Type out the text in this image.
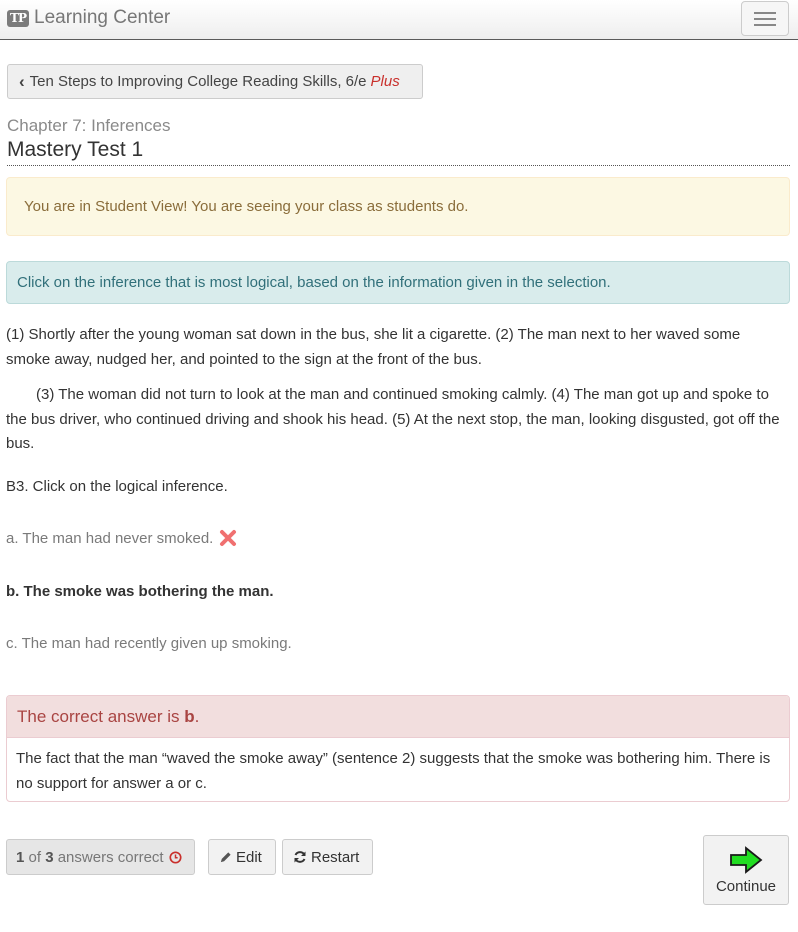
TP Learning Center
‹ Ten Steps to Improving College Reading Skills, 6/e Plus
Chapter 7: Inferences
Mastery Test 1
You are in Student View! You are seeing your class as students do.
Click on the inference that is most logical, based on the information given in the selection.

(1) Shortly after the young woman sat down in the bus, she lit a cigarette. (2) The man next to her waved some smoke away, nudged her, and pointed to the sign at the front of the bus.

(3) The woman did not turn to look at the man and continued smoking calmly. (4) The man got up and spoke to the bus driver, who continued driving and shook his head. (5) At the next stop, the man, looking disgusted, got off the bus.

B3. Click on the logical inference.
a. The man had never smoked.
b. The smoke was bothering the man.
c. The man had recently given up smoking.
The correct answer is b .
The fact that the man “waved the smoke away” (sentence 2) suggests that the smoke was bothering him. There is no support for answer a or c.
1 of 3 answers correct	Edit	Restart
Continue
